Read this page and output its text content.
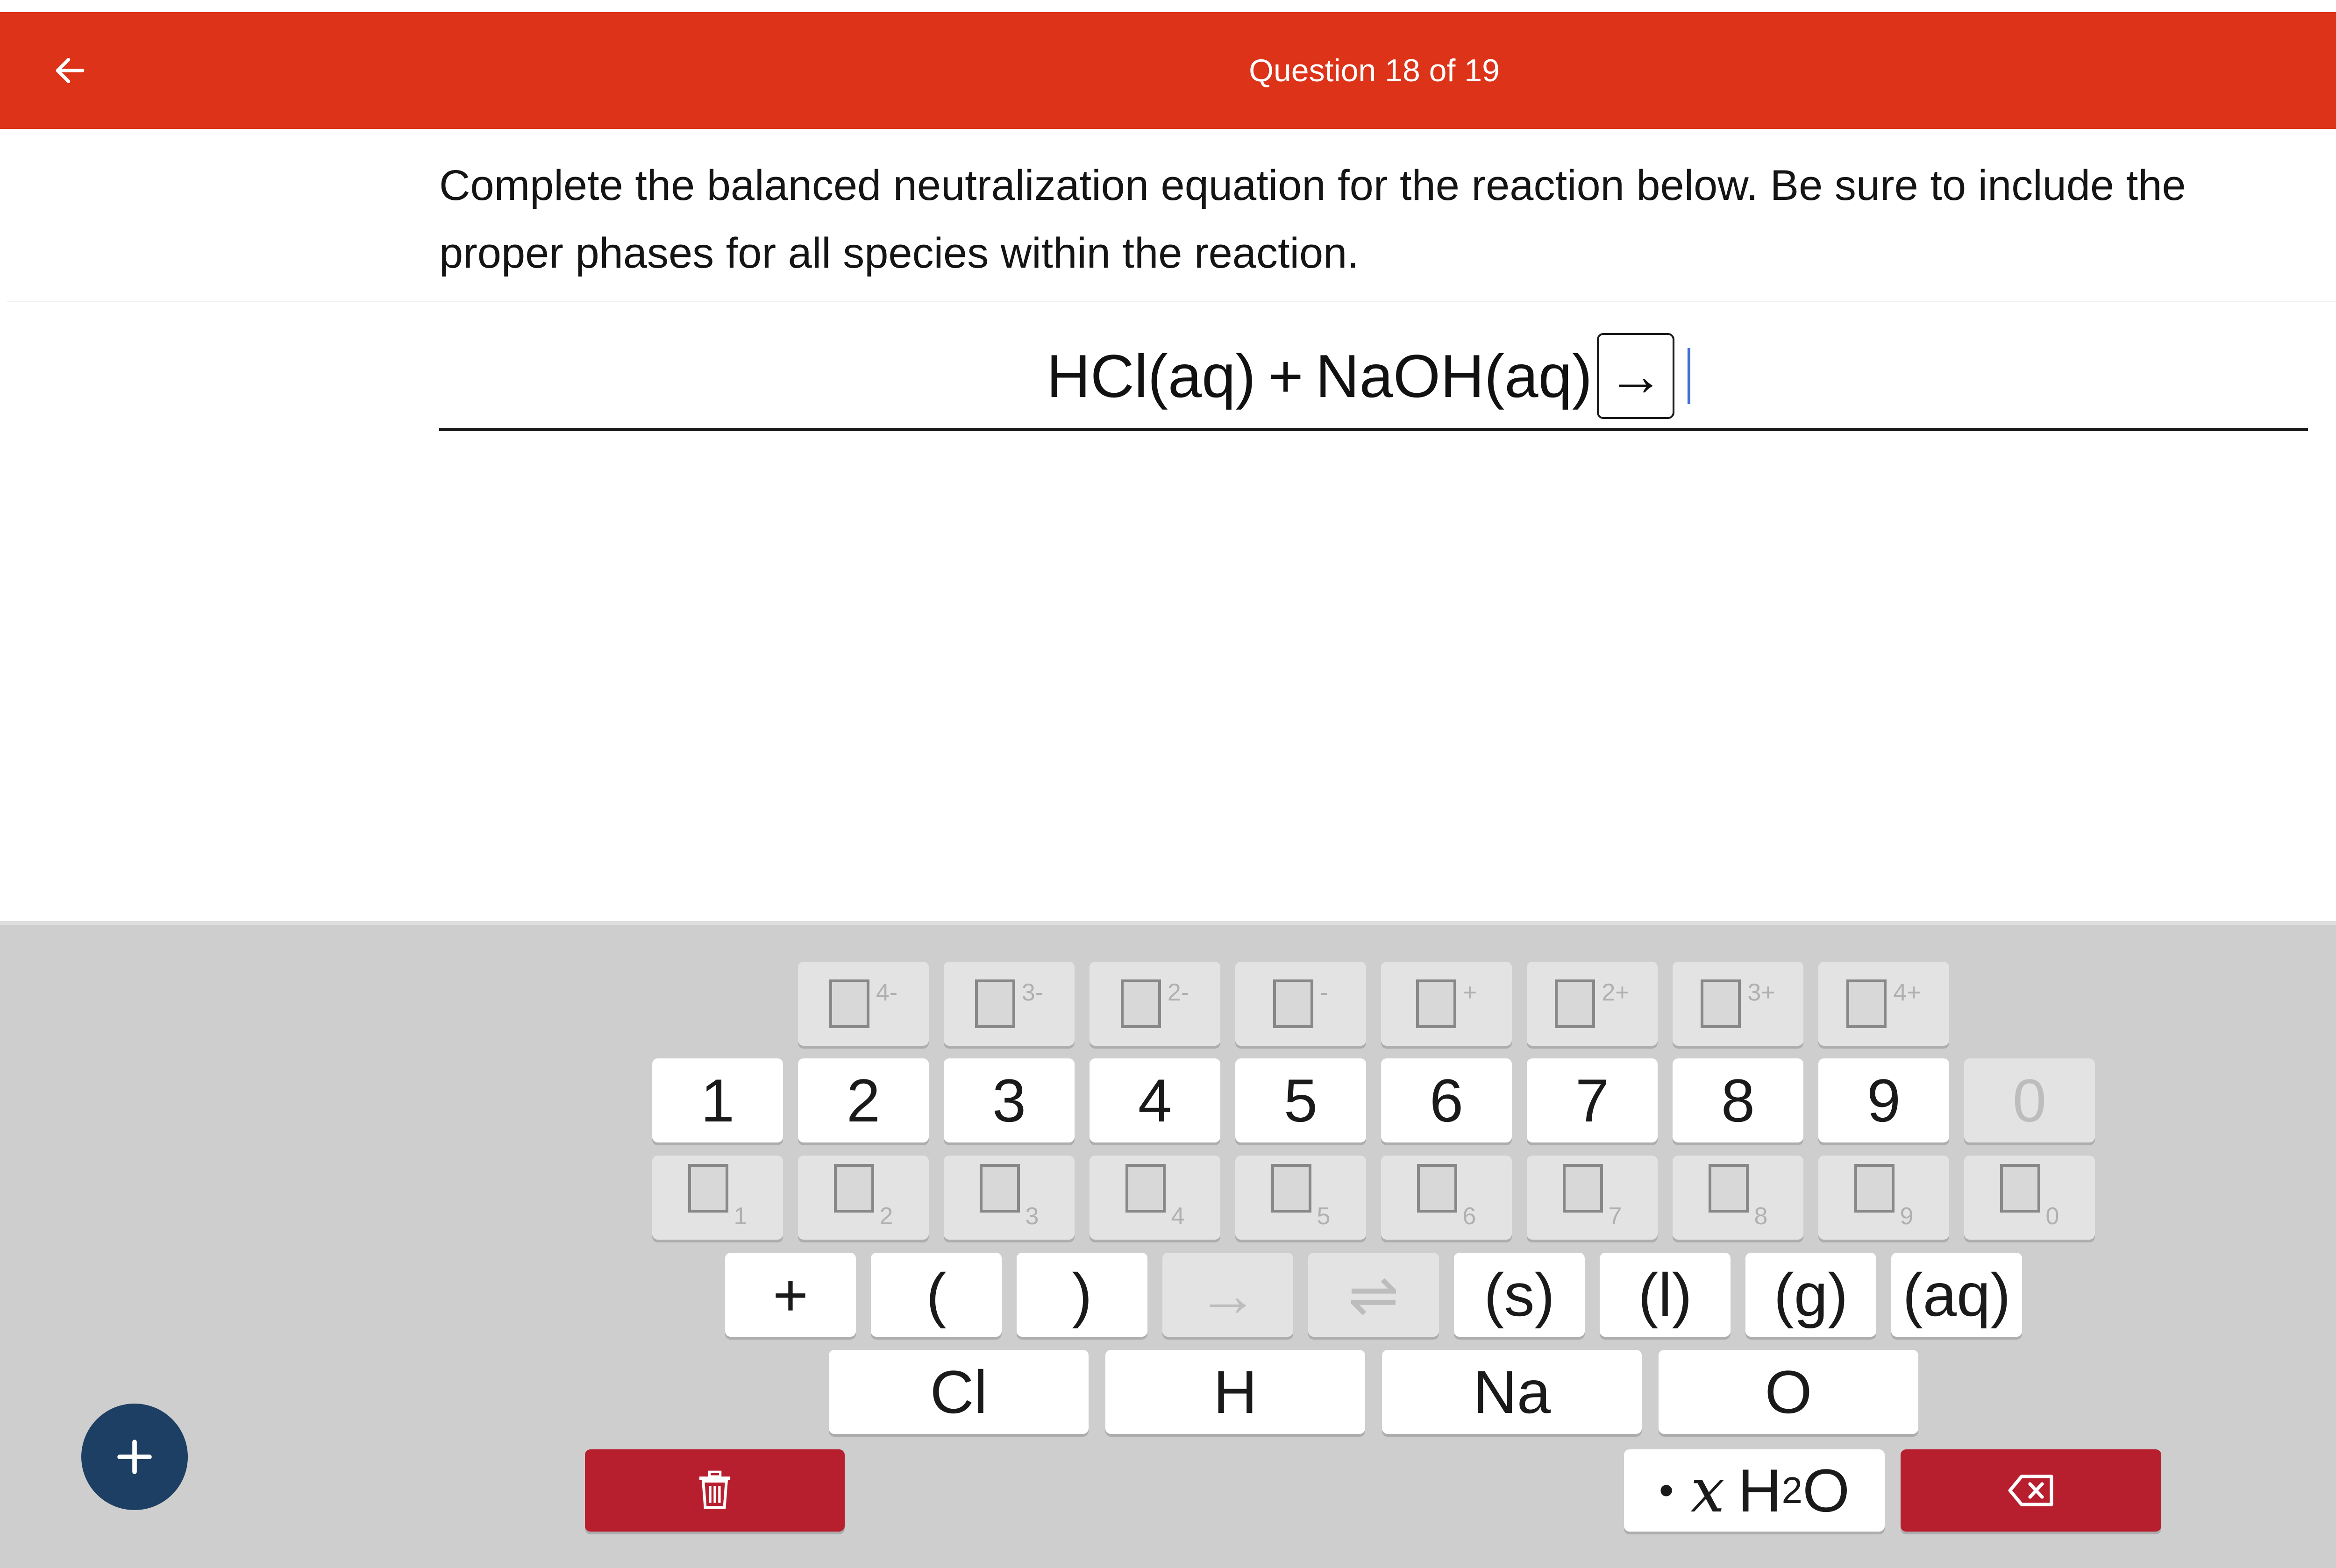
Question 18 of 19
Complete the balanced neutralization equation for the reaction below. Be sure to include the proper phases for all species within the reaction.
HCl(aq) + NaOH(aq) →
4-	3-	2-	-	+	2+	3+	4+
1	2	3	4	5	6	7	8	9	0
1	2	3	4	5	6	7	8	9	0
+	(	)	→	⇌	(s)	(l)	(g) (aq)
Cl	H	Na	O
• x H 2 O
